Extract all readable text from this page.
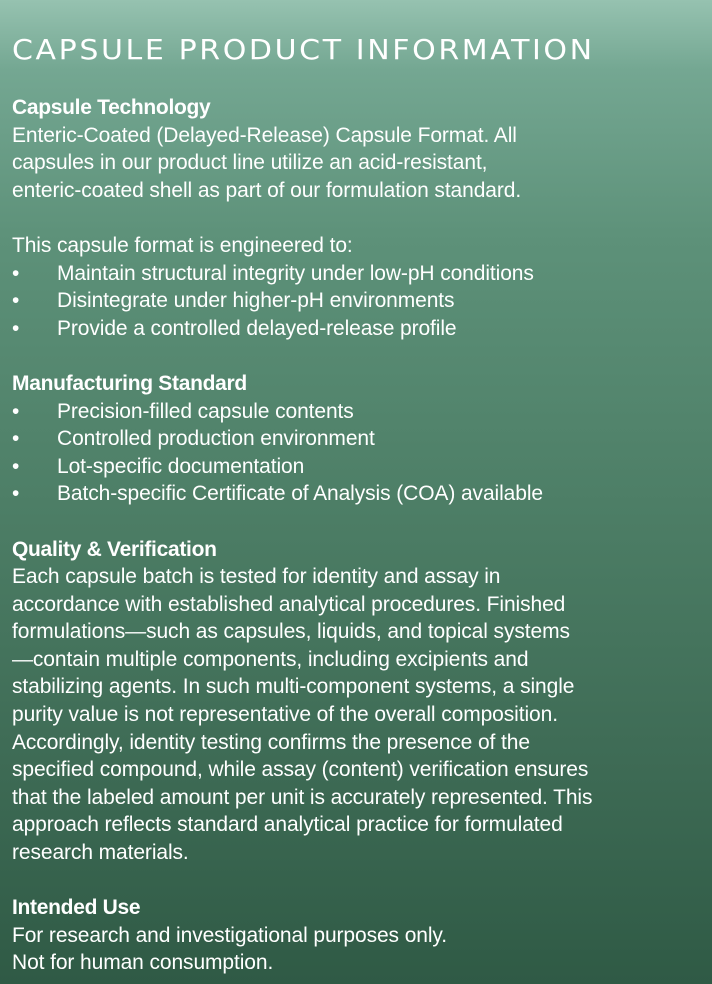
CAPSULE PRODUCT INFORMATION
Capsule Technology
Enteric-Coated (Delayed-Release) Capsule Format. All
capsules in our product line utilize an acid-resistant,
enteric-coated shell as part of our formulation standard.
This capsule format is engineered to:
•	Maintain structural integrity under low-pH conditions
•	Disintegrate under higher-pH environments
•	Provide a controlled delayed-release profile
Manufacturing Standard
•	Precision-filled capsule contents
•	Controlled production environment
•	Lot-specific documentation
•	Batch-specific Certificate of Analysis (COA) available
Quality & Verification
Each capsule batch is tested for identity and assay in
accordance with established analytical procedures. Finished
formulations—such as capsules, liquids, and topical systems
—contain multiple components, including excipients and
stabilizing agents. In such multi-component systems, a single
purity value is not representative of the overall composition.
Accordingly, identity testing confirms the presence of the
specified compound, while assay (content) verification ensures
that the labeled amount per unit is accurately represented. This
approach reflects standard analytical practice for formulated
research materials.
Intended Use
For research and investigational purposes only.
Not for human consumption.
